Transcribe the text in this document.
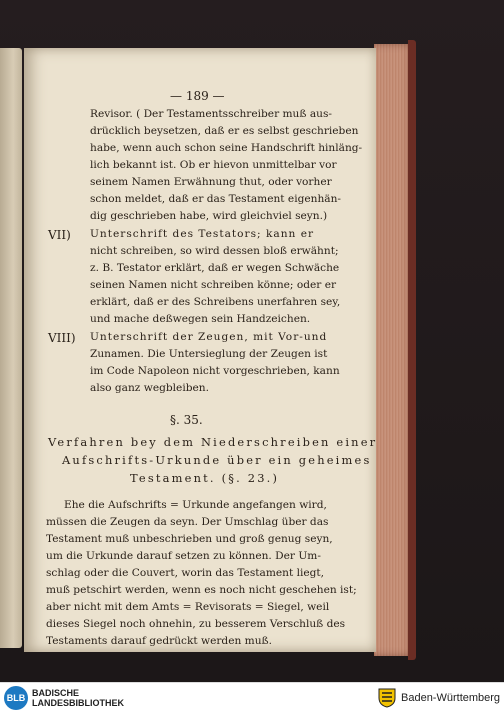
— 189 —
Revisor. ( Der Testamentsschreiber muß aus-
drücklich beysetzen, daß er es selbst geschrieben
habe, wenn auch schon seine Handschrift hinläng-
lich bekannt ist. Ob er hievon unmittelbar vor
seinem Namen Erwähnung thut, oder vorher
schon meldet, daß er das Testament eigenhän-
dig geschrieben habe, wird gleichviel seyn.)
VII) Unterschrift des Testators; kann er
nicht schreiben, so wird dessen bloß erwähnt;
z. B. Testator erklärt, daß er wegen Schwäche
seinen Namen nicht schreiben könne; oder er
erklärt, daß er des Schreibens unerfahren sey,
und mache deßwegen sein Handzeichen.
VIII) Unterschrift der Zeugen, mit Vor-und
Zunamen. Die Untersieglung der Zeugen ist
im Code Napoleon nicht vorgeschrieben, kann
also ganz wegbleiben.
§. 35.
Verfahren bey dem Niederschreiben einer
Aufschrifts-Urkunde über ein geheimes
Testament. (§. 23.)
Ehe die Aufschrifts = Urkunde angefangen wird,
müssen die Zeugen da seyn. Der Umschlag über das
Testament muß unbeschrieben und groß genug seyn,
um die Urkunde darauf setzen zu können. Der Um-
schlag oder die Couvert, worin das Testament liegt,
muß petschirt werden, wenn es noch nicht geschehen ist;
aber nicht mit dem Amts = Revisorats = Siegel, weil
dieses Siegel noch ohnehin, zu besserem Verschluß des
Testaments darauf gedrückt werden muß.
BLB BADISCHE
LANDESBIBLIOTHEK	Baden-Württemberg
